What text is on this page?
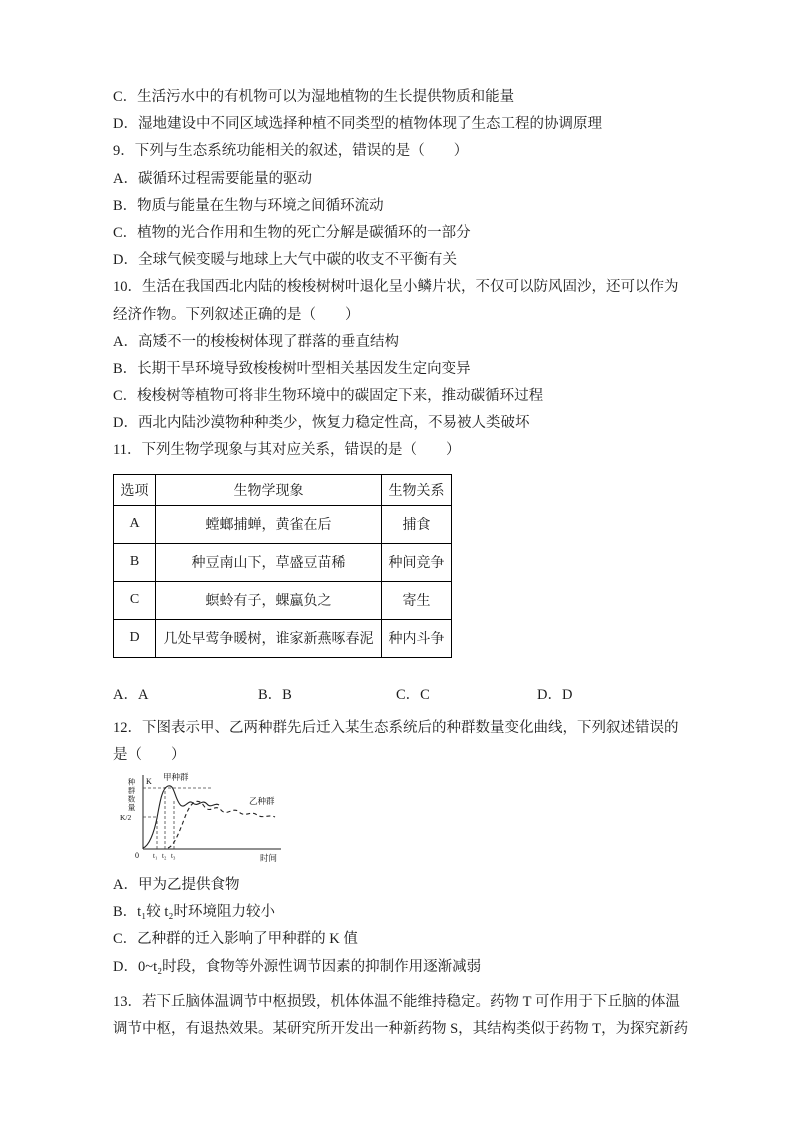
C．生活污水中的有机物可以为湿地植物的生长提供物质和能量
D．湿地建设中不同区域选择种植不同类型的植物体现了生态工程的协调原理
9．下列与生态系统功能相关的叙述，错误的是（　　）
A．碳循环过程需要能量的驱动
B．物质与能量在生物与环境之间循环流动
C．植物的光合作用和生物的死亡分解是碳循环的一部分
D．全球气候变暖与地球上大气中碳的收支不平衡有关
10．生活在我国西北内陆的梭梭树树叶退化呈小鳞片状，不仅可以防风固沙，还可以作为
经济作物。下列叙述正确的是（　　）
A．高矮不一的梭梭树体现了群落的垂直结构
B．长期干旱环境导致梭梭树叶型相关基因发生定向变异
C．梭梭树等植物可将非生物环境中的碳固定下来，推动碳循环过程
D．西北内陆沙漠物种种类少，恢复力稳定性高，不易被人类破坏
11．下列生物学现象与其对应关系，错误的是（　　）
选项	生物学现象	生物关系
A	螳螂捕蝉，黄雀在后	捕食
B	种豆南山下，草盛豆苗稀	种间竞争
C	螟蛉有子，蜾蠃负之	寄生
D	几处早莺争暖树，谁家新燕啄春泥	种内斗争
A．A	B．B	C．C	D．D
12．下图表示甲、乙两种群先后迁入某生态系统后的种群数量变化曲线，下列叙述错误的
是（　　）
种群数量 K
K/2
甲种群
乙种群
0 t₁ t₂ t₃	时间
A．甲为乙提供食物
B．t₁较 t₂时环境阻力较小
C．乙种群的迁入影响了甲种群的 K 值
D．0~t₂时段，食物等外源性调节因素的抑制作用逐渐减弱
13．若下丘脑体温调节中枢损毁，机体体温不能维持稳定。药物 T 可作用于下丘脑的体温
调节中枢，有退热效果。某研究所开发出一种新药物 S，其结构类似于药物 T，为探究新药
